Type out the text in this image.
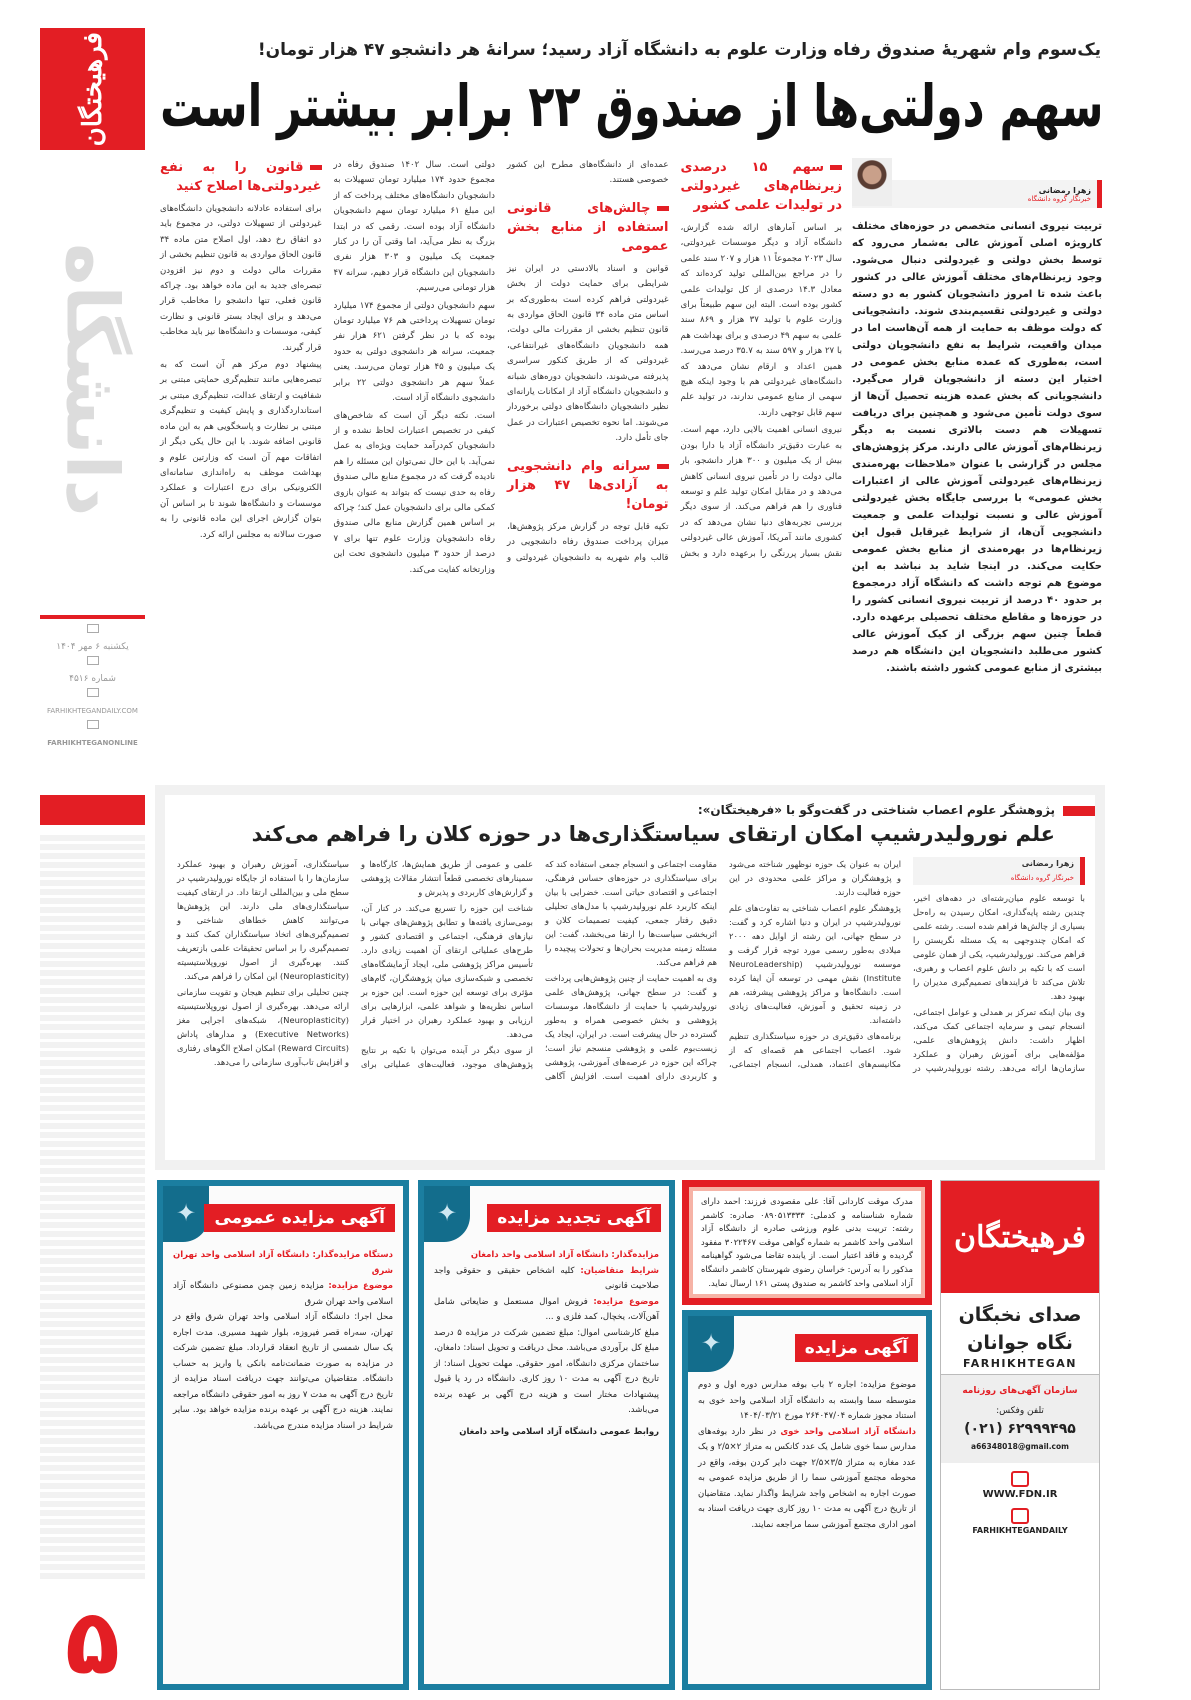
فرهیختگان
دانشگاه
یکشنبه ۶ مهر ۱۴۰۴
شماره ۴۵۱۶
FARHIKHTEGANDAILY.COM
FARHIKHTEGANONLINE
۵
یک‌سوم وام شهریهٔ صندوق رفاه وزارت علوم به دانشگاه آزاد رسید؛ سرانهٔ هر دانشجو ۴۷ هزار تومان!
سهم دولتی‌ها از صندوق ۲۲ برابر بیشتر است
زهرا رمضانی
خبرنگار گروه دانشگاه
تربیت نیروی انسانی متخصص در حوزه‌های مختلف کارویژه اصلی آموزش عالی به‌شمار می‌رود که توسط بخش دولتی و غیردولتی دنبال می‌شود. وجود زیرنظام‌های مختلف آموزش عالی در کشور باعث شده تا امروز دانشجویان کشور به دو دسته دولتی و غیردولتی تقسیم‌بندی شوند. دانشجویانی که دولت موظف به حمایت از همه آن‌هاست اما در میدان واقعیت، شرایط به نفع دانشجویان دولتی است، به‌طوری که عمده منابع بخش عمومی در اختیار این دسته از دانشجویان قرار می‌گیرد. دانشجویانی که بخش عمده هزینه تحصیل آن‌ها از سوی دولت تأمین می‌شود و همچنین برای دریافت تسهیلات هم دست بالاتری نسبت به دیگر زیرنظام‌های آموزش عالی دارند. مرکز پژوهش‌های مجلس در گزارشی با عنوان «ملاحظات بهره‌مندی زیرنظام‌های غیردولتی آموزش عالی از اعتبارات بخش عمومی» با بررسی جایگاه بخش غیردولتی آموزش عالی و نسبت تولیدات علمی و جمعیت دانشجویی آن‌ها، از شرایط غیرقابل قبول این زیرنظام‌ها در بهره‌مندی از منابع بخش عمومی حکایت می‌کند. در اینجا شاید بد نباشد به این موضوع هم توجه داشت که دانشگاه آزاد درمجموع بر حدود ۴۰ درصد از تربیت نیروی انسانی کشور را در حوزه‌ها و مقاطع مختلف تحصیلی برعهده دارد. قطعاً چنین سهم بزرگی از کیک آموزش عالی کشور می‌طلبد دانشجویان این دانشگاه هم درصد بیشتری از منابع عمومی کشور داشته باشند.
سهم ۱۵ درصدی زیرنظام‌های غیردولتی در تولیدات علمی کشور

بر اساس آمارهای ارائه شده گزارش، دانشگاه آزاد و دیگر موسسات غیردولتی، سال ۲۰۲۳ مجموعاً ۱۱ هزار و ۲۰۷ سند علمی را در مراجع بین‌المللی تولید کرده‌اند که معادل ۱۴.۳ درصدی از کل تولیدات علمی کشور بوده است. البته این سهم طبیعتاً برای وزارت علوم با تولید ۳۷ هزار و ۸۶۹ سند علمی به سهم ۴۹ درصدی و برای بهداشت هم با ۲۷ هزار و ۵۹۷ سند به ۳۵.۷ درصد می‌رسد. همین اعداد و ارقام نشان می‌دهد که دانشگاه‌های غیردولتی هم با وجود اینکه هیچ سهمی از منابع عمومی ندارند، در تولید علم سهم قابل توجهی دارند.

نیروی انسانی اهمیت بالایی دارد، مهم است. به عبارت دقیق‌تر دانشگاه آزاد با دارا بودن بیش از یک میلیون و ۳۰۰ هزار دانشجو، بار مالی دولت را در تأمین نیروی انسانی کاهش می‌دهد و در مقابل امکان تولید علم و توسعه فناوری را هم فراهم می‌کند. از سوی دیگر بررسی تجربه‌های دنیا نشان می‌دهد که در کشوری مانند آمریکا، آموزش عالی غیردولتی نقش بسیار پررنگی را برعهده دارد و بخش عمده‌ای از دانشگاه‌های مطرح این کشور خصوصی هستند.

چالش‌های قانونی استفاده از منابع بخش عمومی

قوانین و اسناد بالادستی در ایران نیز شرایطی برای حمایت دولت از بخش غیردولتی فراهم کرده است به‌طوری‌که بر اساس متن ماده ۳۴ قانون الحاق مواردی به قانون تنظیم بخشی از مقررات مالی دولت، همه دانشجویان دانشگاه‌های غیرانتفاعی، غیردولتی که از طریق کنکور سراسری پذیرفته می‌شوند، دانشجویان دوره‌های شبانه و دانشجویان دانشگاه آزاد از امکانات یارانه‌ای نظیر دانشجویان دانشگاه‌های دولتی برخوردار می‌شوند. اما نحوه تخصیص اعتبارات در عمل جای تأمل دارد.

سرانه وام دانشجویی به آزادی‌ها ۴۷ هزار تومان!

تکیه قابل توجه در گزارش مرکز پژوهش‌ها، میزان پرداخت صندوق رفاه دانشجویی در قالب وام شهریه به دانشجویان غیردولتی و دولتی است. سال ۱۴۰۲ صندوق رفاه در مجموع حدود ۱۷۴ میلیارد تومان تسهیلات به دانشجویان دانشگاه‌های مختلف پرداخت که از این مبلغ ۶۱ میلیارد تومان سهم دانشجویان دانشگاه آزاد بوده است. رقمی که در ابتدا بزرگ به نظر می‌آید، اما وقتی آن را در کنار جمعیت یک میلیون و ۳۰۳ هزار نفری دانشجویان این دانشگاه قرار دهیم، سرانه ۴۷ هزار تومانی می‌رسیم.

سهم دانشجویان دولتی از مجموع ۱۷۴ میلیارد تومان تسهیلات پرداختی هم ۷۶ میلیارد تومان بوده که با در نظر گرفتن ۶۲۱ هزار نفر جمعیت، سرانه هر دانشجوی دولتی به حدود یک میلیون و ۴۵ هزار تومان می‌رسد. یعنی عملاً سهم هر دانشجوی دولتی ۲۲ برابر دانشجوی دانشگاه آزاد است.

است. نکته دیگر آن است که شاخص‌های کیفی در تخصیص اعتبارات لحاظ نشده و از دانشجویان کم‌درآمد حمایت ویژه‌ای به عمل نمی‌آید. با این حال نمی‌توان این مسئله را هم نادیده گرفت که در مجموع منابع مالی صندوق رفاه به حدی نیست که بتواند به عنوان بازوی کمکی مالی برای دانشجویان عمل کند؛ چراکه بر اساس همین گزارش منابع مالی صندوق رفاه دانشجویان وزارت علوم تنها برای ۷ درصد از حدود ۳ میلیون دانشجوی تحت این وزارتخانه کفایت می‌کند.

قانون را به نفع غیردولتی‌ها اصلاح کنید

برای استفاده عادلانه دانشجویان دانشگاه‌های غیردولتی از تسهیلات دولتی، در مجموع باید دو اتفاق رخ دهد، اول اصلاح متن ماده ۳۴ قانون الحاق مواردی به قانون تنظیم بخشی از مقررات مالی دولت و دوم نیز افزودن تبصره‌ای جدید به این ماده خواهد بود. چراکه قانون فعلی، تنها دانشجو را مخاطب قرار می‌دهد و برای ایجاد بستر قانونی و نظارت کیفی، موسسات و دانشگاه‌ها نیز باید مخاطب قرار گیرند.

پیشنهاد دوم مرکز هم آن است که به تبصره‌هایی مانند تنظیم‌گری حمایتی مبتنی بر شفافیت و ارتقای عدالت، تنظیم‌گری مبتنی بر استانداردگذاری و پایش کیفیت و تنظیم‌گری مبتنی بر نظارت و پاسخگویی هم به این ماده قانونی اضافه شوند. با این حال یکی دیگر از اتفاقات مهم آن است که وزارتین علوم و بهداشت موظف به راه‌اندازی سامانه‌ای الکترونیکی برای درج اعتبارات و عملکرد موسسات و دانشگاه‌ها شوند تا بر اساس آن بتوان گزارش اجرای این ماده قانونی را به صورت سالانه به مجلس ارائه کرد.

پژوهشگر علوم اعصاب شناختی در گفت‌وگو با «فرهیختگان»:
علم نورولیدرشیپ امکان ارتقای سیاستگذاری‌ها در حوزه کلان را فراهم می‌کند
زهرا رمضانی
خبرنگار گروه دانشگاه

با توسعه علوم میان‌رشته‌ای در دهه‌های اخیر، چندین رشته پایه‌گذاری، امکان رسیدن به راه‌حل بسیاری از چالش‌ها فراهم شده است. رشته علمی که امکان چندوجهی به یک مسئله نگریستن را فراهم می‌کند. نورولیدرشیپ، یکی از همان علومی است که با تکیه بر دانش علوم اعصاب و رهبری، تلاش می‌کند تا فرایندهای تصمیم‌گیری مدیران را بهبود دهد.

وی بیان اینکه تمرکز بر همدلی و عوامل اجتماعی، انسجام تیمی و سرمایه اجتماعی کمک می‌کند، اظهار داشت: دانش پژوهش‌های علمی، مؤلفه‌هایی برای آموزش رهبران و عملکرد سازمان‌ها ارائه می‌دهد. رشته نورولیدرشیپ در ایران به عنوان یک حوزه نوظهور شناخته می‌شود و پژوهشگران و مراکز علمی محدودی در این حوزه فعالیت دارند.

پژوهشگر علوم اعصاب شناختی به تفاوت‌های علم نورولیدرشیپ در ایران و دنیا اشاره کرد و گفت: در سطح جهانی، این رشته از اوایل دهه ۲۰۰۰ میلادی به‌طور رسمی مورد توجه قرار گرفت و موسسه نورولیدرشیپ (NeuroLeadership Institute) نقش مهمی در توسعه آن ایفا کرده است. دانشگاه‌ها و مراکز پژوهشی پیشرفته، هم در زمینه تحقیق و آموزش، فعالیت‌های زیادی داشته‌اند.

برنامه‌های دقیق‌تری در حوزه سیاستگذاری تنظیم شود. اعصاب اجتماعی هم قصه‌ای که از مکانیسم‌های اعتماد، همدلی، انسجام اجتماعی، مقاومت اجتماعی و انسجام جمعی استفاده کند که برای سیاستگذاری در حوزه‌های حساس فرهنگی، اجتماعی و اقتصادی حیاتی است. خضرایی با بیان اینکه کاربرد علم نورولیدرشیپ با مدل‌های تحلیلی دقیق رفتار جمعی، کیفیت تصمیمات کلان و اثربخشی سیاست‌ها را ارتقا می‌بخشد، گفت: این مسئله زمینه مدیریت بحران‌ها و تحولات پیچیده را هم فراهم می‌کند.

وی به اهمیت حمایت از چنین پژوهش‌هایی پرداخت و گفت: در سطح جهانی، پژوهش‌های علمی نورولیدرشیپ با حمایت از دانشگاه‌ها، موسسات پژوهشی و بخش خصوصی همراه و به‌طور گسترده در حال پیشرفت است. در ایران، ایجاد یک زیست‌بوم علمی و پژوهشی منسجم نیاز است؛ چراکه این حوزه در عرصه‌های آموزشی، پژوهشی و کاربردی دارای اهمیت است. افزایش آگاهی علمی و عمومی از طریق همایش‌ها، کارگاه‌ها و سمینارهای تخصصی قطعاً انتشار مقالات پژوهشی و گزارش‌های کاربردی و پذیرش و

شناخت این حوزه را تسریع می‌کند. در کنار آن، بومی‌سازی یافته‌ها و تطابق پژوهش‌های جهانی با نیازهای فرهنگی، اجتماعی و اقتصادی کشور و طرح‌های عملیاتی ارتقای آن اهمیت زیادی دارد. تأسیس مراکز پژوهشی ملی، ایجاد آزمایشگاه‌های تخصصی و شبکه‌سازی میان پژوهشگران، گام‌های مؤثری برای توسعه این حوزه است. این حوزه بر اساس نظریه‌ها و شواهد علمی، ابزارهایی برای ارزیابی و بهبود عملکرد رهبران در اختیار قرار می‌دهد.

از سوی دیگر در آینده می‌توان با تکیه بر نتایج پژوهش‌های موجود، فعالیت‌های عملیاتی برای سیاستگذاری، آموزش رهبران و بهبود عملکرد سازمان‌ها را با استفاده از جایگاه نورولیدرشیپ در سطح ملی و بین‌المللی ارتقا داد. در ارتقای کیفیت سیاستگذاری‌های ملی دارند. این پژوهش‌ها می‌توانند کاهش خطاهای شناختی و تصمیم‌گیری‌های اتخاذ سیاستگذاران کمک کنند و تصمیم‌گیری را بر اساس تحقیقات علمی بازتعریف کنند. بهره‌گیری از اصول نوروپلاستیسیته (Neuroplasticity) این امکان را فراهم می‌کند.

چنین تحلیلی برای تنظیم هیجان و تقویت سازمانی ارائه می‌دهد. بهره‌گیری از اصول نوروپلاستیسیته (Neuroplasticity)، شبکه‌های اجرایی مغز (Executive Networks) و مدارهای پاداش (Reward Circuits) امکان اصلاح الگوهای رفتاری و افزایش تاب‌آوری سازمانی را می‌دهد.

✦	آگهی مزایده عمومی
دستگاه مزایده‌گذار: دانشگاه آزاد اسلامی واحد تهران شرق
موضوع مزایده: مزایده زمین چمن مصنوعی دانشگاه آزاد اسلامی واحد تهران شرق
محل اجرا: دانشگاه آزاد اسلامی واحد تهران شرق واقع در تهران، سه‌راه قصر فیروزه، بلوار شهید مسیری. مدت اجاره یک سال شمسی از تاریخ انعقاد قرارداد. مبلغ تضمین شرکت در مزایده به صورت ضمانت‌نامه بانکی یا واریز به حساب دانشگاه. متقاضیان می‌توانند جهت دریافت اسناد مزایده از تاریخ درج آگهی به مدت ۷ روز به امور حقوقی دانشگاه مراجعه نمایند. هزینه درج آگهی بر عهده برنده مزایده خواهد بود. سایر شرایط در اسناد مزایده مندرج می‌باشد.
✦	آگهی تجدید مزایده
مزایده‌گذار: دانشگاه آزاد اسلامی واحد دامغان
شرایط متقاضیان: کلیه اشخاص حقیقی و حقوقی واجد صلاحیت قانونی
موضوع مزایده: فروش اموال مستعمل و ضایعاتی شامل آهن‌آلات، یخچال، کمد فلزی و ...
مبلغ کارشناسی اموال: مبلغ تضمین شرکت در مزایده ۵ درصد مبلغ کل برآوردی می‌باشد. محل دریافت و تحویل اسناد: دامغان، ساختمان مرکزی دانشگاه، امور حقوقی. مهلت تحویل اسناد: از تاریخ درج آگهی به مدت ۱۰ روز کاری. دانشگاه در رد یا قبول پیشنهادات مختار است و هزینه درج آگهی بر عهده برنده می‌باشد.
روابط عمومی دانشگاه آزاد اسلامی واحد دامغان
مدرک موقت کاردانی آقا: علی مقصودی فرزند: احمد دارای شماره شناسنامه و کدملی: ۰۸۹۰۵۱۳۳۳۳ صادره: کاشمر رشته: تربیت بدنی علوم ورزشی صادره از دانشگاه آزاد اسلامی واحد کاشمر به شماره گواهی موقت ۳۰۲۲۴۶۷ مفقود گردیده و فاقد اعتبار است. از یابنده تقاضا می‌شود گواهینامه مذکور را به آدرس: خراسان رضوی شهرستان کاشمر دانشگاه آزاد اسلامی واحد کاشمر به صندوق پستی ۱۶۱ ارسال نماید.
✦	آگهی مزایده
موضوع مزایده: اجاره ۲ باب بوفه مدارس دوره اول و دوم متوسطه سما وابسته به دانشگاه آزاد اسلامی واحد خوی به استناد مجوز شماره ۲۶۴۰۴۷/۰۴ مورخ ۱۴۰۴/۰۳/۲۱
دانشگاه آزاد اسلامی واحد خوی در نظر دارد بوفه‌های مدارس سما خوی شامل یک عدد کانکس به متراژ ۲×۲/۵ و یک عدد مغازه به متراژ ۳/۵×۲/۵ جهت دایر کردن بوفه، واقع در محوطه مجتمع آموزشی سما را از طریق مزایده عمومی به صورت اجاره به اشخاص واجد شرایط واگذار نماید. متقاضیان از تاریخ درج آگهی به مدت ۱۰ روز کاری جهت دریافت اسناد به امور اداری مجتمع آموزشی سما مراجعه نمایند.
فرهیختگان
صدای نخبگان
نگاه جوانان
FARHIKHTEGAN
سازمان آگهی‌های روزنامه
تلفن وفکس:
(۰۲۱) ۶۲۹۹۹۴۹۵
a66348018@gmail.com
WWW.FDN.IR
FARHIKHTEGANDAILY
